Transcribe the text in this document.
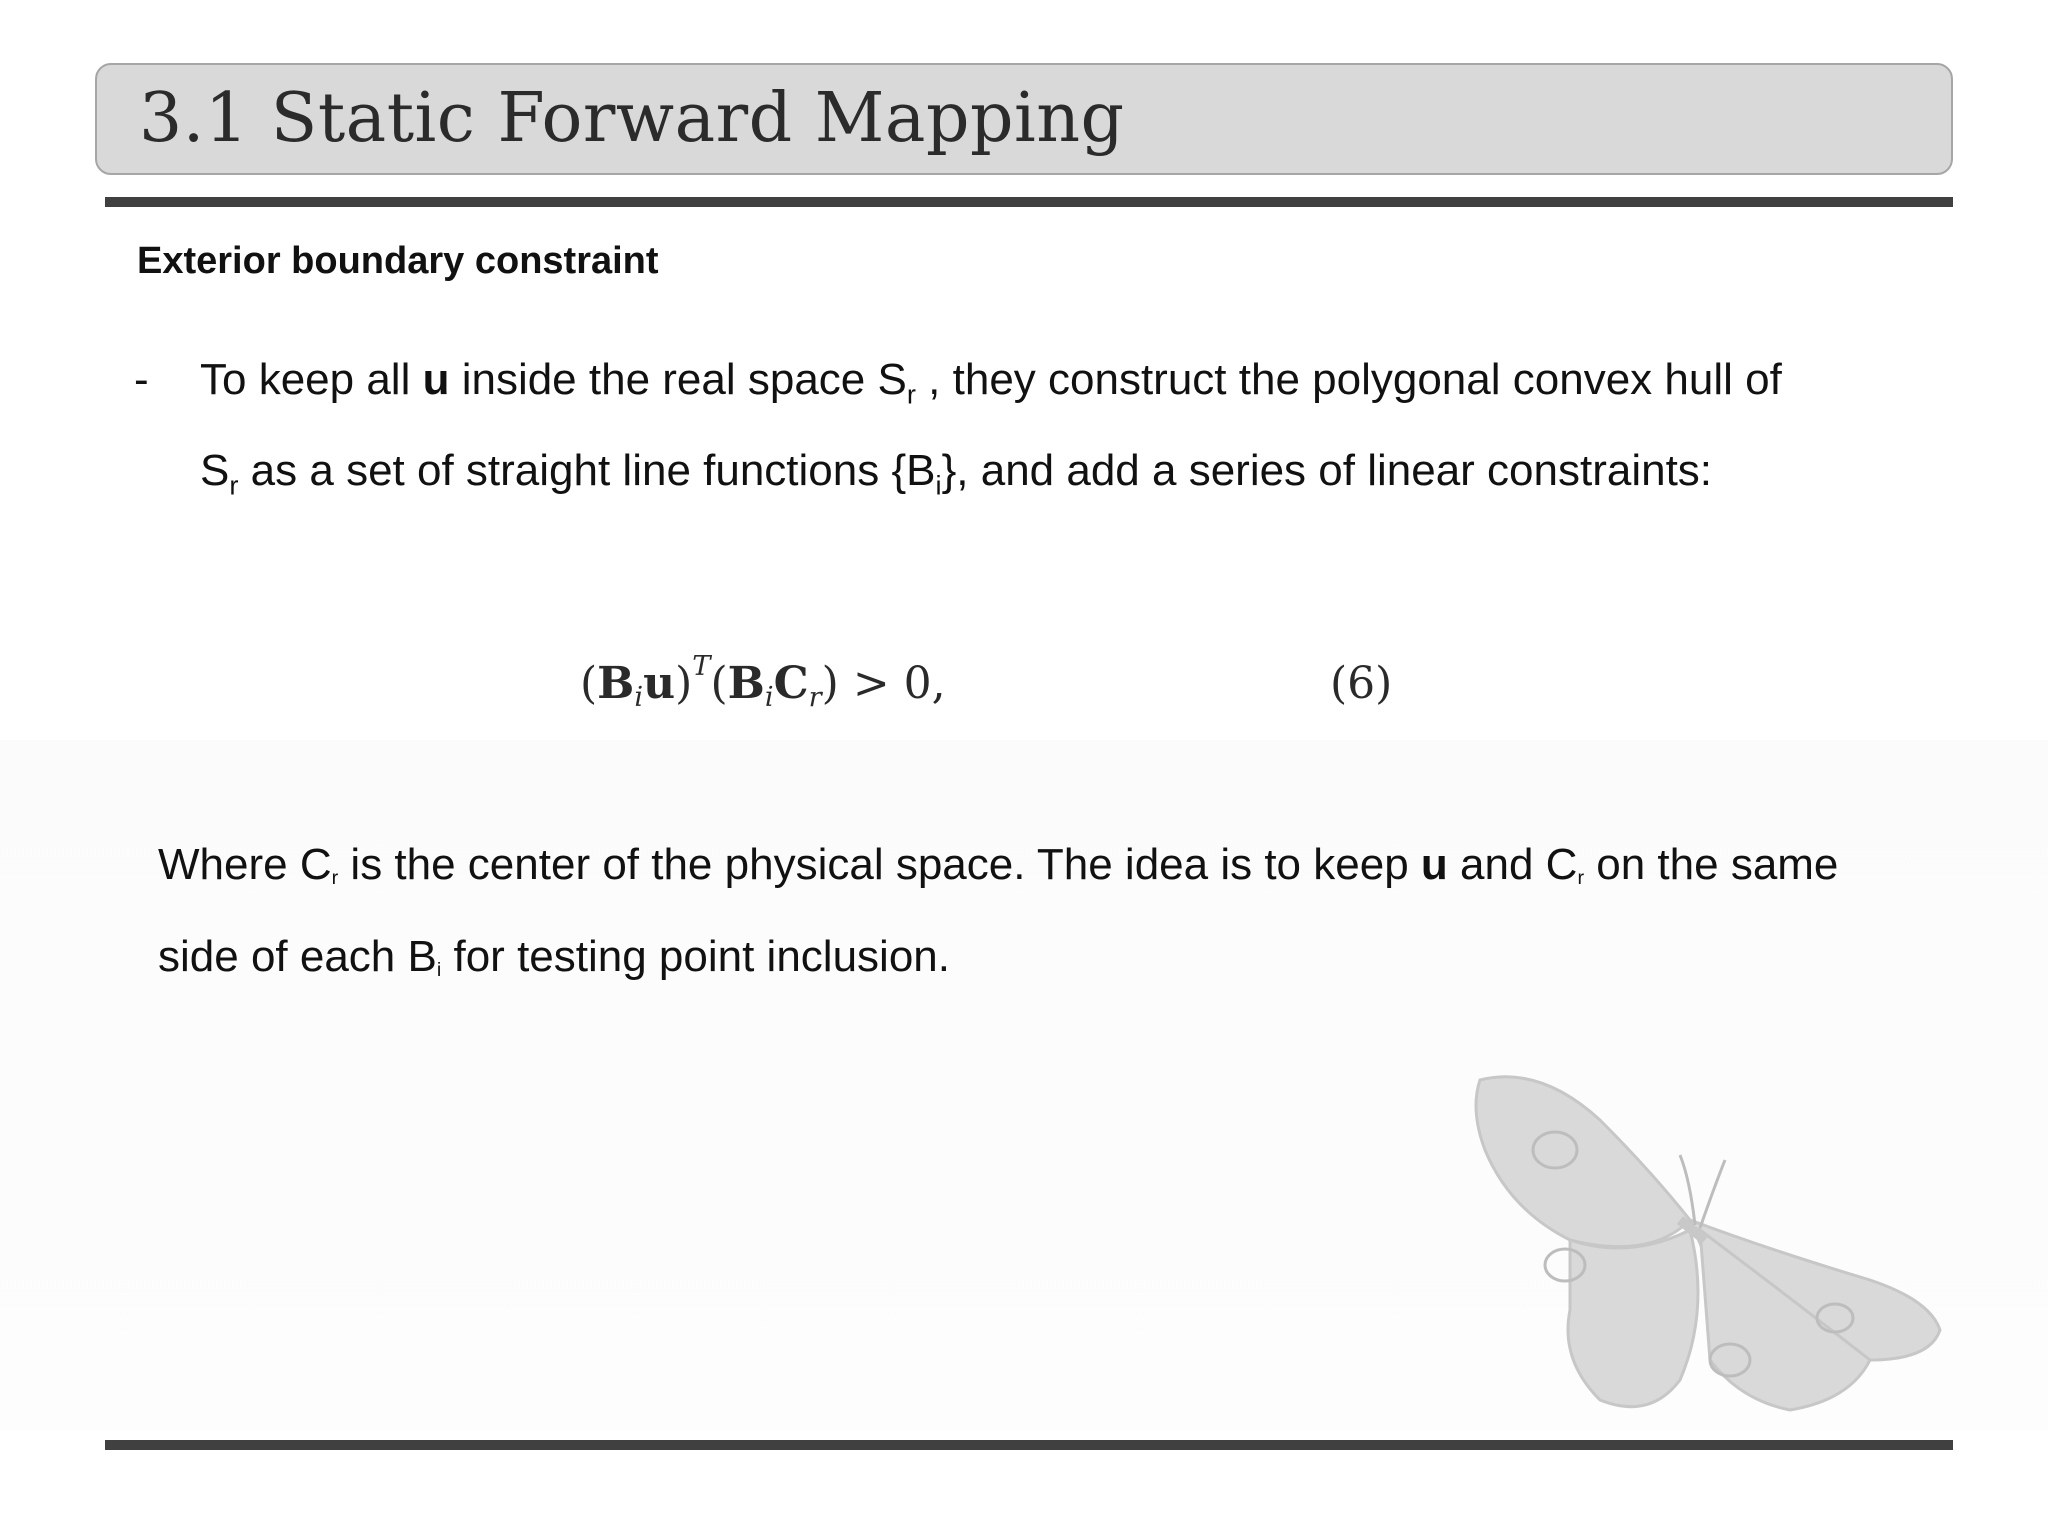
3.1 Static Forward Mapping
Exterior boundary constraint
- To keep all u inside the real space $S_r$ , they construct the polygonal convex hull of
$S_r$ as a set of straight line functions $\{B_i\}$, and add a series of linear constraints:
$(B_iu)^T(B_iC_r) > 0$,	(6)
Where $C_r$ is the center of the physical space. The idea is to keep u and $C_r$ on the same
side of each $B_i$ for testing point inclusion.
